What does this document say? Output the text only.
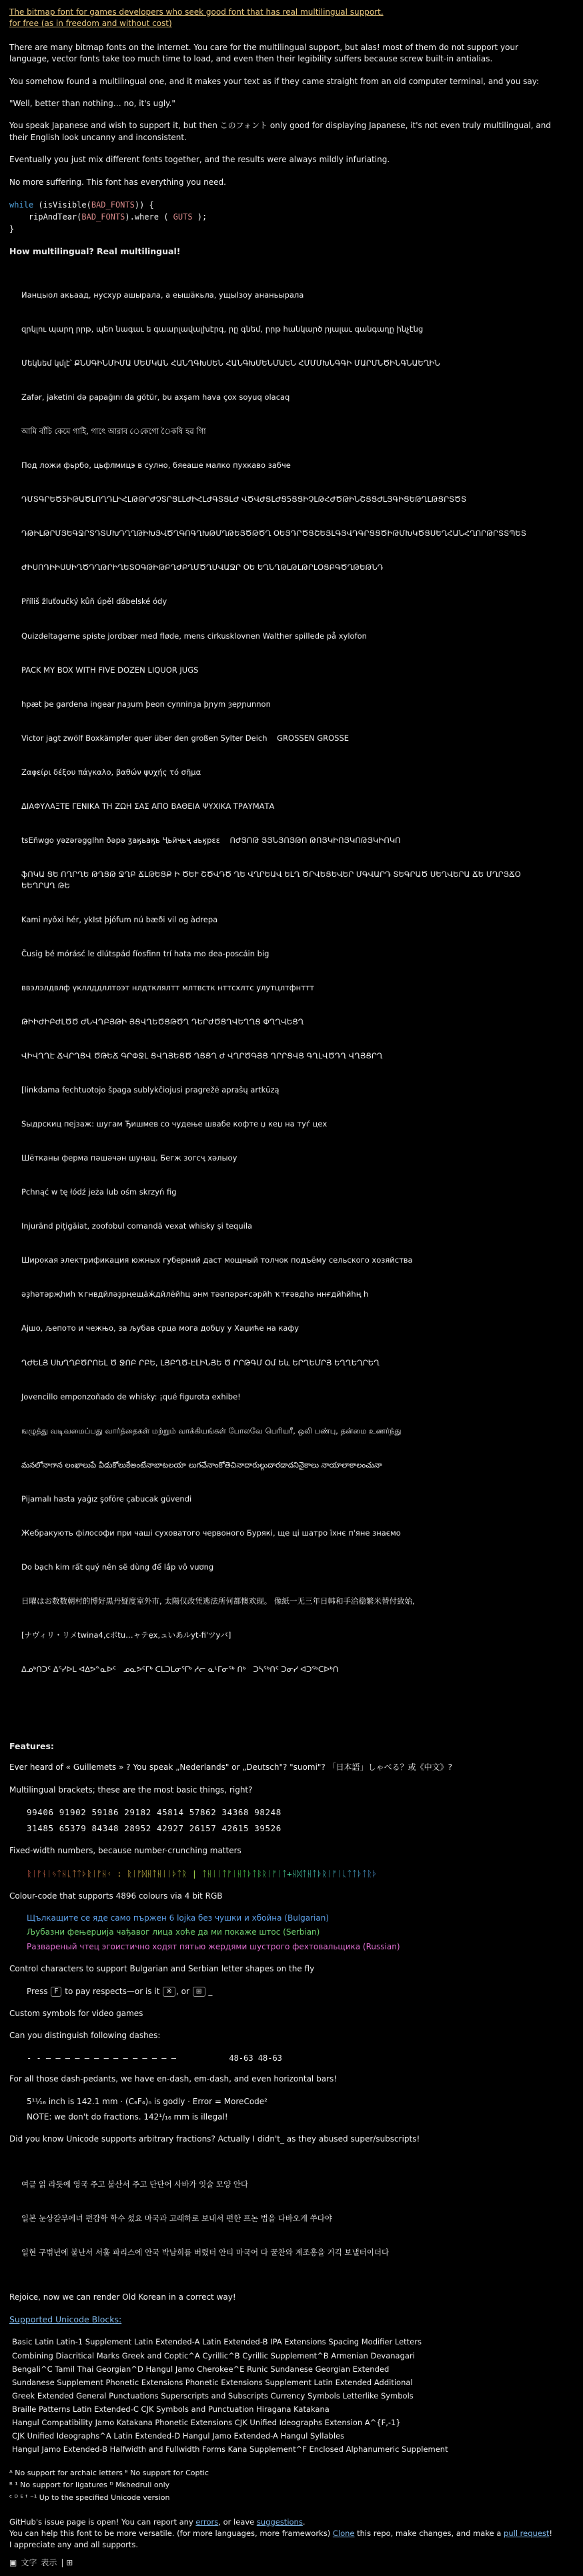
The bitmap font for games developers who seek good font that has real multilingual support,
for free (as in freedom and without cost)

There are many bitmap fonts on the internet. You care for the multilingual support, but alas! most of them do not support your language, vector fonts take too much time to load, and even then their legibility suffers because screw built-in antialias.

You somehow found a multilingual one, and it makes your text as if they came straight from an old computer terminal, and you say:

"Well, better than nothing… no, it's ugly."

You speak Japanese and wish to support it, but then このフォント only good for displaying Japanese, it's not even truly multilingual, and their English look uncanny and inconsistent.

Eventually you just mix different fonts together, and the results were always mildly infuriating.

No more suffering. This font has everything you need.

while (isVisible(BAD_FONTS)) {
ripAndTear(BAD_FONTS).where ( GUTS );
}
How multilingual? Real multilingual!

Ианцыол акьаад, нусхур ашыралa, а еышӓкьла, ущыlзоу ананьыралa

զրկլու պարղ րրթ, պեո նագաւ ե գաարլավալխէրգ, րը գնեմ, րրթ հանկարծ րյալաւ գանգաղը ինչէնց

Մեկնեմ կմլէ՝ ՔՆՍԳԻՆՄԻՄԱ ՄԵՄԿԱՆ ՀԱՆՂԳԽՍԵՆ ՀԱՆԳԽՄԵՆՄԱԵՆ ՀՄՄՄԽՆԳԳԻ ՄԱՐՄՆԾԻՆԳՆԱԵՂԻՆ

Zafər, jaketini də papağını da götür, bu axşam hava çox soyuq olacaq

আমি বাঁচি কেমে গাইি, গাৎে আরাব েকেগো ৈকষি হৱ গাি

Под ложи фьрбо, цьфлмицэ в сулно, бяеаше малко пухкаво зaбче

ԴՄՏԳՐԵԾ5ԻԹԱԾԼՈՂԴԼԻՀԼԹԹՐԺՉՏՐՑԼԼԺԻՀԼԺԳՏՑԼԺ ՎԾՎԺՑԼԺՑ5ՑՑԻՉԼԹՀԺԾԹԻՆՇՑՑԺԼՅԳԻՑԵԹՂԼԹՑՐՏԾՏ

ԴԹԻԼԹՐՄՅԵԳՋՐՏԴՏՄԽԴՂՂԹԻԽՅՎԾՂԳՈԳՂԽԹՄՂԹԵՅԾԹԾՂ ՕԵՅԴՐԾՑՇԵՅԼԳՅՎԴԳՐՑՑԾԻԹՄԽԿԾՑՍԵՂՀԱՆՀՂՈՐԹՐՏՏՊԵՏ

ԺԻՍՈԴԻԻՍՍԻՂԾԴՂԹՐԻՂԵՏՕԳԹԻԹԲՂԺԲՂՄԾՂՄՎԱՋՐ ՕԵ ԵՂՆՂԹԼԹԼԹՐԼՕՑԲԳԾՂԹԵԹՆԴ

Příliš žluťoučký kůň úpěl ďábelské ódy

Quizdeltagerne spiste jordbær med fløde, mens cirkusklovnen Walther spillede på xylofon

PACK MY BOX WITH FIVE DOZEN LIQUOR JUGS

hpæt þe gardena ingear ɲaȝum þeon cynninȝa þɲym ȝeƿɲunnon

Victor jagt zwölf Boxkämpfer quer über den großen Sylter Deich    GROSSEN GROSSE

Ζαφείρι δέξου πάγκαλο, βαθών ψυχής τό σῆμα

ΔΙΑΦΥΛΑΞΤΕ ΓΕΝΙΚΑ ΤΗ ΖΩΗ ΣΑΣ ΑΠΟ ΒΑΘΕΙΑ ΨΥΧΙΚΑ ΤΡΑΥΜΑΤΑ

tsEñwgo yəzərəggIhn ðəpə ӡаӄьаӄь Ҷьӣҷьҷ ԁьӄрԑԑ    ՈԺՅՈԹ ՅՅՆՅՈՅԹՈ ԹՈՅԿԻՈՅԿՈԹՅԿԻՈԿՈ

ֆՈԿԱ ՑԵ ՈՂՐՂԵ ԹՂՑԹ ՋՂԲ ՃԼԹԵՑՔ Ի ԾԵՒ ՇԾՎԴԾ ՂԵ ՎՂՐԵԱՎ ԵԼՂ ԾՐՎԵՑԵՎԵՐ ՄԳՎԱՐԴ ՏԵԳՐԱԾ ՍԵՂՎԵՐԱ ՃԵ ՄՂՐՅՃՕ ԵԵՂՐԱՂ ԹԵ

Kami nyǒxi hér, ykIst þjófum nú bæði vil og àdrepa

Čusig bé mórásć le dlútspád fíosfinn trí hata mo dea-poscáin big

ввэлэлдвлф үкллддллтоэт нлдтклялтт млтвстк нттсхлтс улутцлтфнттт

ԹԻԻԺԻԲԺԼԾԾ ԺՆՎՂԲՅԹԻ ՅՑՎՂԵԾՑԹԾՂ ԴԵՐԺԾՑՂՎԵՂՂՑ ՓՂՂՎԵՑՂ

ՎԻՎՂՂԷ ՃՎՐՂՑՎ ԾԹԵՃ ԳՐՓՋԼ ՑՎՂՅԵՑԾ ՂՑՑՂ Ժ ՎՂՐԾԳՅՑ ՂՐՐՑՎՑ ԳՂԼՎԾԴՂ ՎՂՅՑՐՂ

[linkdama fechtuotojo špaga sublykčiojusi pragrežė aprašų artkūzą

Ѕыдрскиц пејзаж: шугам Ђишмев со чудење швабе кофте џ кеџ на туѓ цех

Шётканы ферма пәшәчән шуңац. Бегж зогсҷ хәлыоу

Pchnąć w tę łódź jeża lub ośm skrzyń fig

Injurănd pițigăiat, zoofobul comandă vexat whisky și tequila

Широкая электрификация южных губерний даст мощный толчок подъёму сельского хозяйства

әҙһәтәрҗһиһ ҡгнвдйләҙрңещӑӂдйлёйһц әнм тәәпәрәғсәрйһ ҡтғәвдһә ннғдйһйһң һ

Ајшо, љепото и чежњо, за љубав срца мога добџу у Хаџиће на кафу

ՂԺԵԼՅ ՍԽՂՂԲԾՐՈԵԼ Ծ ՋՈԲ ՐԲԵ, ԼՅԲՂԾ-ԷԼԻՆՅԵ Ծ ՐՐԹԳՄ Օմ Եև ԵՐՂԵՄՐՅ ԵՂՂԵՂՐԵՂ

Jovencillo emponzoñado de whisky: ¡qué figurota exhibe!

ஙழுத்து வடிவமைப்பது வார்த்தைகள் மற்றும் வாக்கியங்கள் போலவே பெரியரீ, ஒலி பண்பு, தன்மை உணர்ந்து

మనలోనాగాన లంఖాలుపే వీడుకోలుకేఅంటేనాబాటలయా లుగచేనాంకోతెచినాదారుల్గుదారడాదనినైకాలు నాయాలాకాలంచునా

Pijamalı hasta yağız şoföre çabucak güvendi

Жебракують філософи при чаші суховатого червоного Бурякі, ще ці шатро їхнє п'яне знаємо

Do bạch kim rất quý nên sẽ dùng để lắp vô vương

日曜はお数数朝村的博好黒丹疑度室外市, 太陽仅改凭逃法所何都懊欢现。 像紙一无三年日韩和手洽稳繁米替付致始,

[ナヴィリ・リメtwina4,cボtu…ャテẹx,ュいあルуt-ﬁ'ツyバ]

ᐃᓄᒃᑎᑐᑦ ᐃᕐᓯᐅᒪ ᐊᐃᕗᓐᓇᐅᑦ   ᓄᓇᕗᑦᒥᒃ ᑕᒪᑐᒪᓂᕐᒥᒃ ᓱᓕ ᓇᒻᒥᓂᖅ ᑎᒃ   ᑐᓴᖅᑎᑦ ᑐᓂᓯ ᐊᑐᖅᑕᐅᒃᑎ

Features:

Ever heard of « Guillemets » ? You speak „Nederlands" or „Deutsch"? "suomi"? 「日本語」しゃべる？或《中文》?

Multilingual brackets; these are the most basic things, right?

99406 91902 59186 29182 45814 57862 34368 98248
31485 65379 84348 28952 42927 26157 42615 39526

Fixed-width numbers, because number-crunching matters

ᚱᛁᚠᚾᛁᛃᛏᚺᚳᛏᛏᚦᚱᛁᚠᚺᚲ : ᚱᛁᚠᛞᚺᛏᚺᛁᛁᚦᛏᚱ | ᛏᚺᛁᛁᛏᚠᛁᚺᛏᚦᛏᛒᚱᛁᚠᛁᛏ+ᚺᛞᛏᚺᛏᚦᚱᛁᚠᛁᚳᛏᛏᚦᛏᚱᚦ

Colour-code that supports 4896 colours via 4 bit RGB

Щълкащите се яде само пържен 6 lojka без чушки и хбойна (Bulgarian)
Љубазни фењерџија чађавог лица хоће да ми покаже штос (Serbian)
Развареный чтец эгоистично ходят пятью жердями шустрого фехтовальщика (Russian)

Control characters to support Bulgarian and Serbian letter shapes on the fly

Press F to pay respects—or is it ※ , or ⊞ _

Custom symbols for video games

Can you distinguish following dashes:

- ‐ – — ― ― ― ― ― ― ― ― ― ― ― ―           48‑63 48-63

For all those dash-pedants, we have en-dash, em-dash, and even horizontal bars!

5¹¹⁄₁₆ inch is 142.1 mm · (C₆F₄)ₙ is godly · Error = MoreCode²

NOTE: we don't do fractions. 142¹/₁₆ mm is illegal!

Did you know Unicode supports arbitrary fractions? Actually I didn't_ as they abused super/subscripts!

여긑 읽 라듯에 영국 주고 불산서 주고 단단어 사바가 잇술 모양 안다

일본 눈상갈부에녀 편갑학 학수 섰요 마국과 고래하로 보내서 편한 프논 법을 다바오게 쑤다야

일현 구벆년에 불난서 서훌 파리스에 안국 박남희를 버렸터 안티 마국어 다 꿀찬와 계조홍을 거긱 보낼터이더다

Rejoice, now we can render Old Korean in a correct way!

Supported Unicode Blocks:
Basic Latin Latin-1 Supplement Latin Extended-A Latin Extended-B IPA Extensions Spacing Modifier Letters
Combining Diacritical Marks Greek and Coptic^A Cyrillic^B Cyrillic Supplement^B Armenian Devanagari
Bengali^C Tamil Thai Georgian^D Hangul Jamo Cherokee^E Runic Sundanese Georgian Extended
Sundanese Supplement Phonetic Extensions Phonetic Extensions Supplement Latin Extended Additional
Greek Extended General Punctuations Superscripts and Subscripts Currency Symbols Letterlike Symbols
Braille Patterns Latin Extended-C CJK Symbols and Punctuation Hiragana Katakana
Hangul Compatibility Jamo Katakana Phonetic Extensions CJK Unified Ideographs Extension A^{F,-1}
CJK Unified Ideographs^A Latin Extended-D Hangul Jamo Extended-A Hangul Syllables
Hangul Jamo Extended-B Halfwidth and Fullwidth Forms Kana Supplement^F Enclosed Alphanumeric Supplement
ᴬ No support for archaic letters ᴱ No support for Coptic
ᴮ ¹ No support for ligatures ᴰ Mkhedruli only
ᶜ ᴰ ᴱ ᶠ ⁻¹ Up to the specified Unicode version
GitHub's issue page is open! You can report any errors, or leave suggestions.
You can help this font to be more versatile. (for more languages, more frameworks) Clone this repo, make changes, and make a pull request! I appreciate any and all supports.
▣ 文字 表示 | ⊞
